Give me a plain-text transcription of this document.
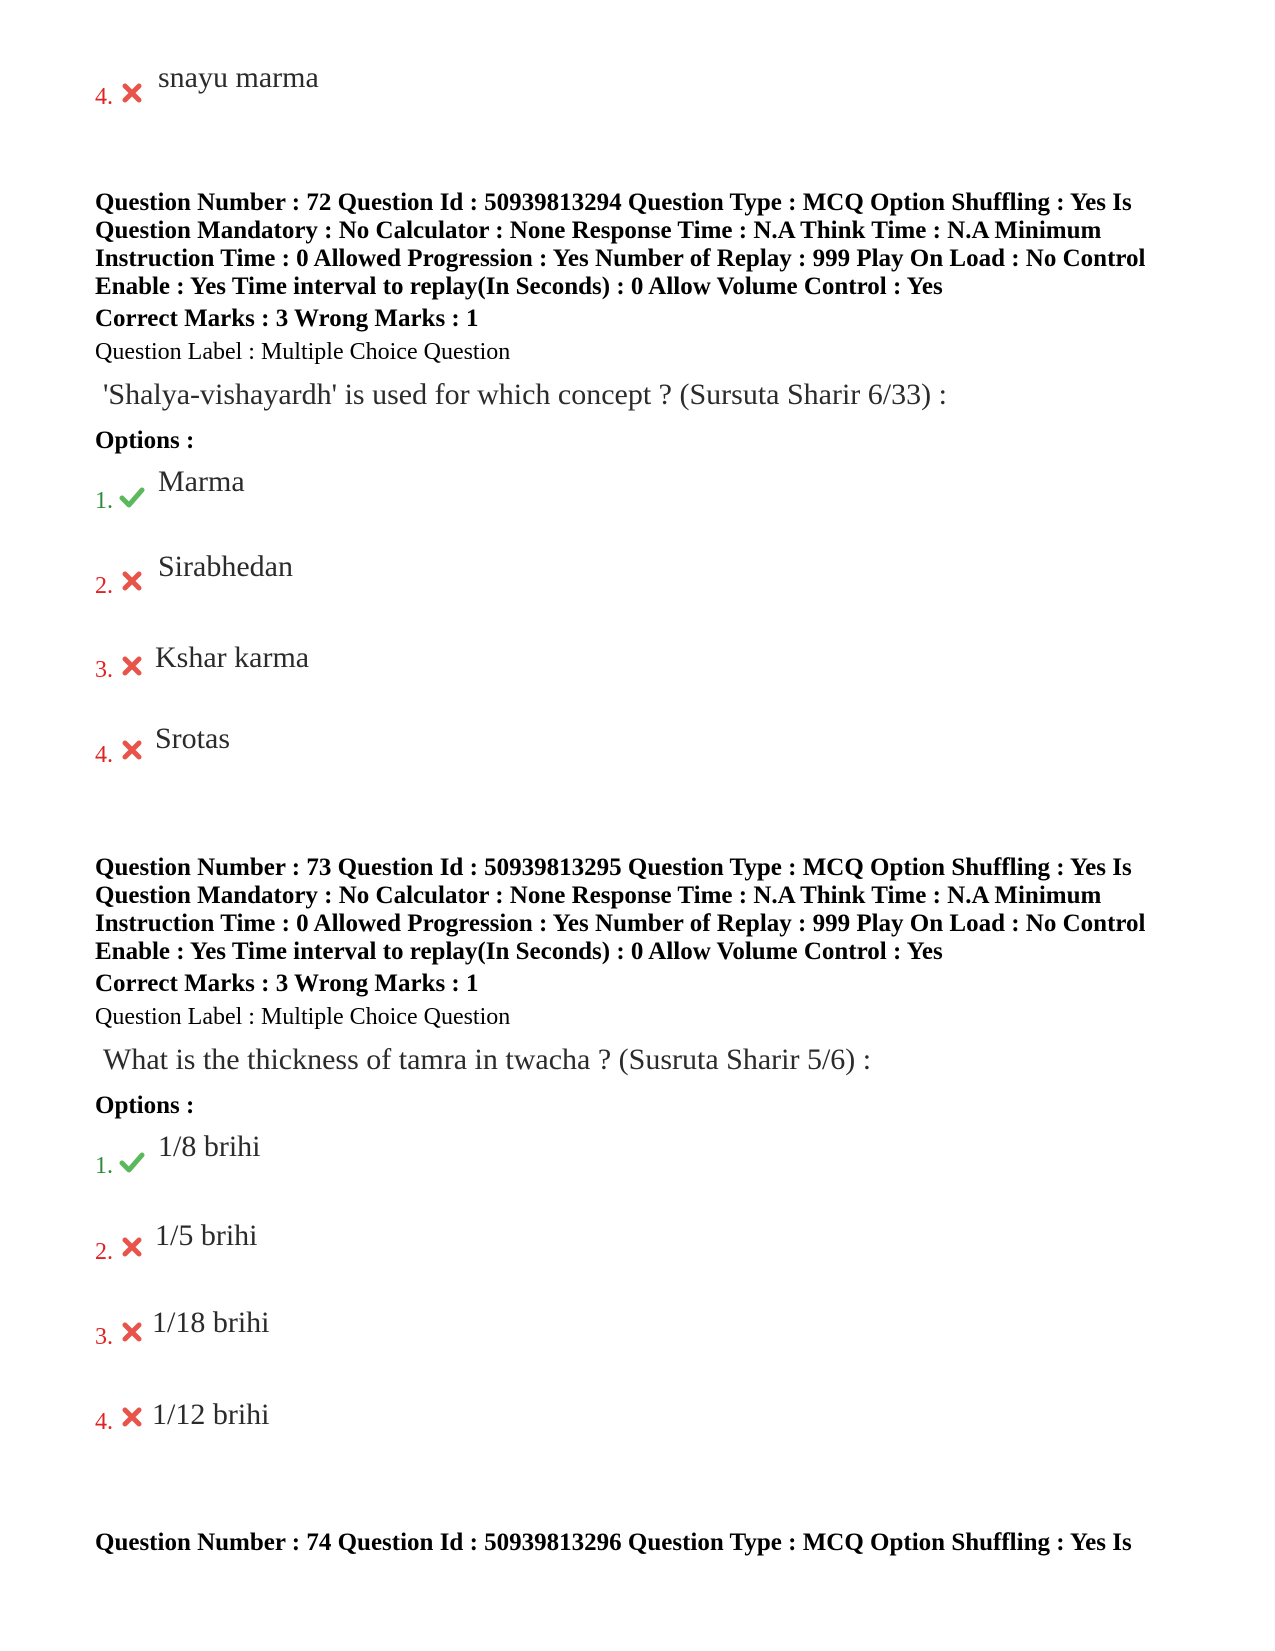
4.
snayu marma
Question Number : 72 Question Id : 50939813294 Question Type : MCQ Option Shuffling : Yes Is
Question Mandatory : No Calculator : None Response Time : N.A Think Time : N.A Minimum
Instruction Time : 0 Allowed Progression : Yes Number of Replay : 999 Play On Load : No Control
Enable : Yes Time interval to replay(In Seconds) : 0 Allow Volume Control : Yes
Correct Marks : 3 Wrong Marks : 1
Question Label : Multiple Choice Question
'Shalya-vishayardh' is used for which concept ? (Sursuta Sharir 6/33) :
Options :
1.
Marma
2.
Sirabhedan
3. Kshar karma
4. Srotas
Question Number : 73 Question Id : 50939813295 Question Type : MCQ Option Shuffling : Yes Is
Question Mandatory : No Calculator : None Response Time : N.A Think Time : N.A Minimum
Instruction Time : 0 Allowed Progression : Yes Number of Replay : 999 Play On Load : No Control
Enable : Yes Time interval to replay(In Seconds) : 0 Allow Volume Control : Yes
Correct Marks : 3 Wrong Marks : 1
Question Label : Multiple Choice Question
What is the thickness of tamra in twacha ? (Susruta Sharir 5/6) :
Options :
1.
1/8 brihi
2. 1/5 brihi
3. 1/18 brihi
4. 1/12 brihi
Question Number : 74 Question Id : 50939813296 Question Type : MCQ Option Shuffling : Yes Is
